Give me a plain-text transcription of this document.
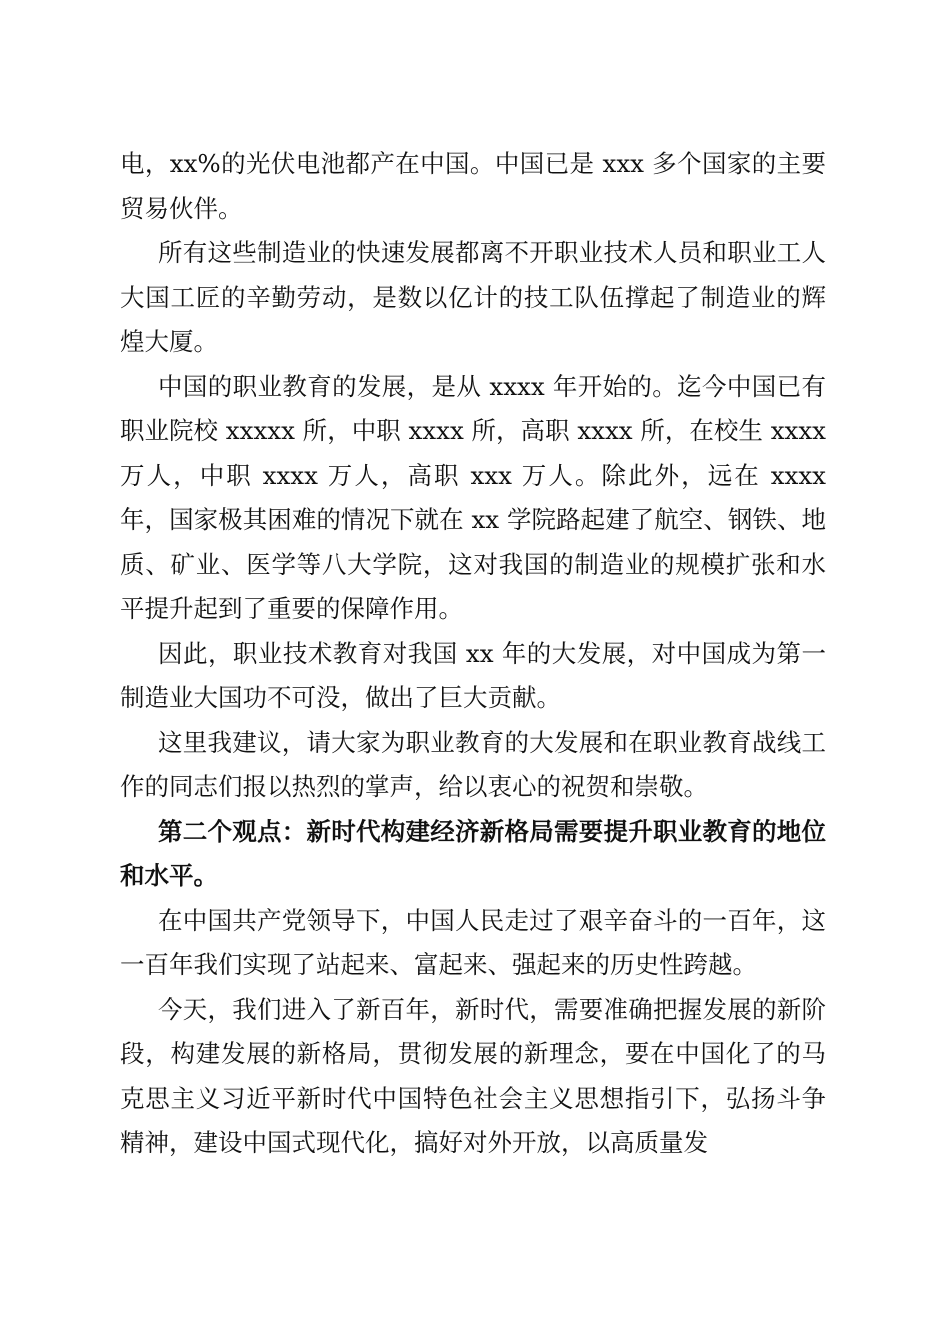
电，xx%的光伏电池都产在中国。中国已是 xxx 多个国家的主要贸易伙伴。

所有这些制造业的快速发展都离不开职业技术人员和职业工人大国工匠的辛勤劳动，是数以亿计的技工队伍撑起了制造业的辉煌大厦。

中国的职业教育的发展，是从 xxxx 年开始的。迄今中国已有职业院校 xxxxx 所，中职 xxxx 所，高职 xxxx 所，在校生 xxxx 万人，中职 xxxx 万人，高职 xxx 万人。除此外，远在 xxxx 年，国家极其困难的情况下就在 xx 学院路起建了航空、钢铁、地质、矿业、医学等八大学院，这对我国的制造业的规模扩张和水平提升起到了重要的保障作用。

因此，职业技术教育对我国 xx 年的大发展，对中国成为第一制造业大国功不可没，做出了巨大贡献。

这里我建议，请大家为职业教育的大发展和在职业教育战线工作的同志们报以热烈的掌声，给以衷心的祝贺和崇敬。

第二个观点：新时代构建经济新格局需要提升职业教育的地位和水平。

在中国共产党领导下，中国人民走过了艰辛奋斗的一百年，这一百年我们实现了站起来、富起来、强起来的历史性跨越。

今天，我们进入了新百年，新时代，需要准确把握发展的新阶段，构建发展的新格局，贯彻发展的新理念，要在中国化了的马克思主义习近平新时代中国特色社会主义思想指引下，弘扬斗争精神，建设中国式现代化，搞好对外开放，以高质量发
